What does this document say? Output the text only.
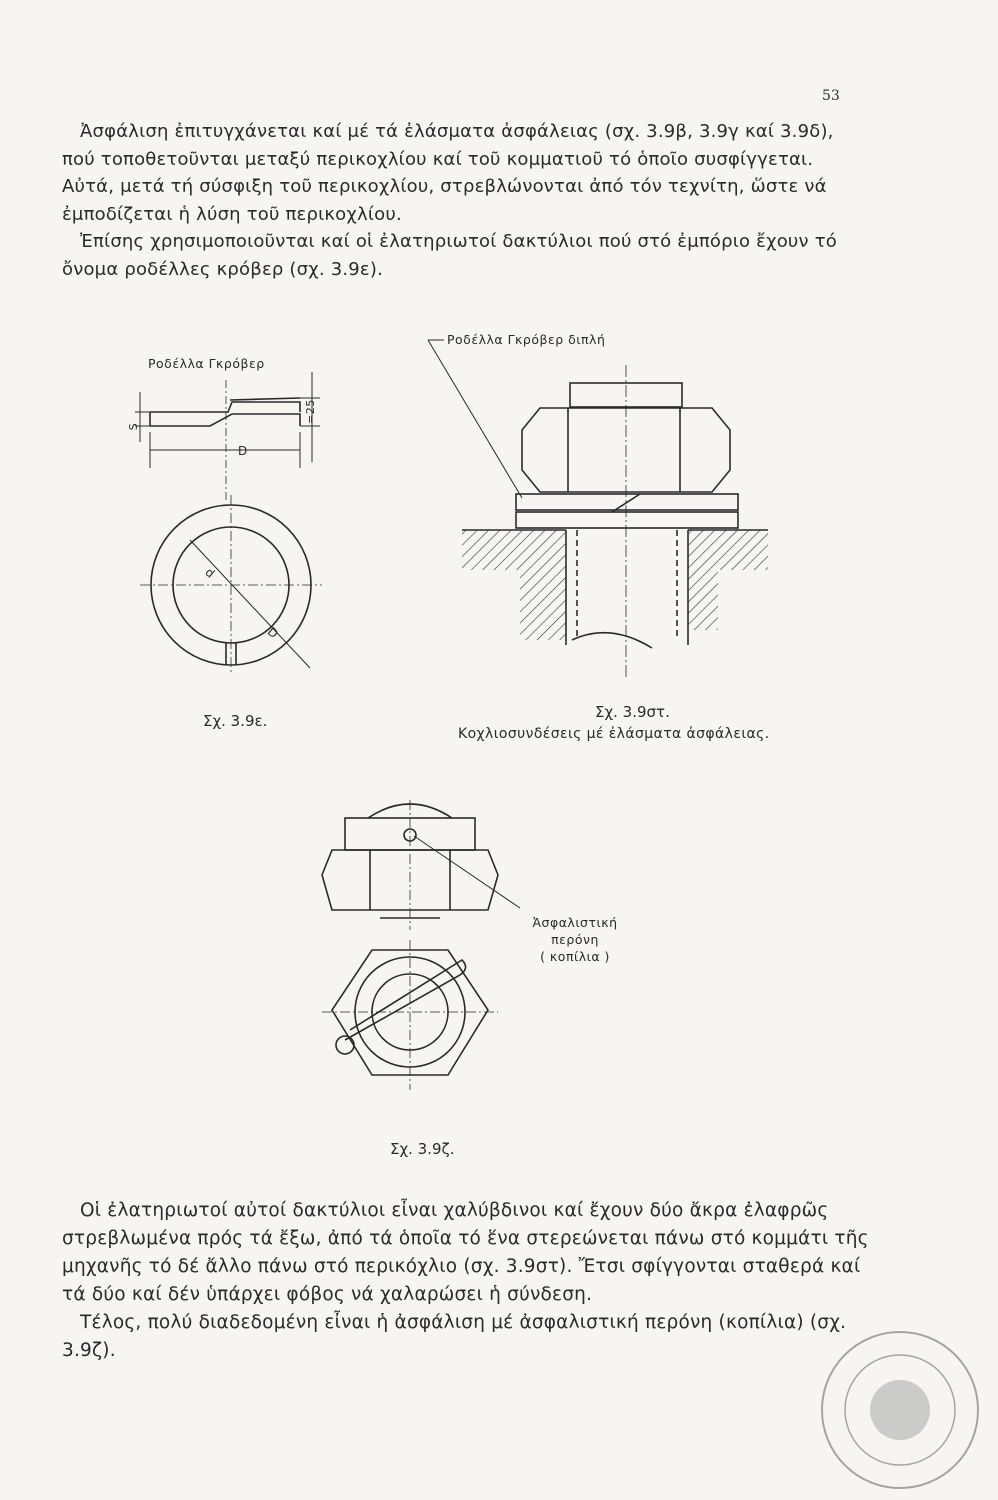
53
Ἀσφάλιση ἐπιτυγχάνεται καί μέ τά ἐλάσματα ἀσφάλειας (σχ. 3.9β, 3.9γ καί 3.9δ), πού τοποθετοῦνται μεταξύ περικοχλίου καί τοῦ κομματιοῦ τό ὁποῖο συσφίγγεται. Αὐτά, μετά τή σύσφιξη τοῦ περικοχλίου, στρεβλώνονται ἀπό τόν τεχνίτη, ὥστε νά ἐμποδίζεται ἡ λύση τοῦ περικοχλίου.
Ἐπίσης χρησιμοποιοῦνται καί οἱ ἐλατηριωτοί δακτύλιοι πού στό ἐμπόριο ἔχουν τό ὄνομα ροδέλλες κρόβερ (σχ. 3.9ε).
Ροδέλλα Γκρόβερ
S
=25
D
d
D
Σχ. 3.9ε.
Ροδέλλα Γκρόβερ διπλή
Σχ. 3.9στ.
Κοχλιοσυνδέσεις μέ ἐλάσματα ἀσφάλειας.
Ἀσφαλιστική
περόνη
( κοπίλια )
Σχ. 3.9ζ.
Οἱ ἐλατηριωτοί αὐτοί δακτύλιοι εἶναι χαλύβδινοι καί ἔχουν δύο ἄκρα ἐλαφρῶς στρεβλωμένα πρός τά ἔξω, ἀπό τά ὁποῖα τό ἕνα στερεώνεται πάνω στό κομμάτι τῆς μηχανῆς τό δέ ἄλλο πάνω στό περικόχλιο (σχ. 3.9στ). Ἔτσι σφίγγονται σταθερά καί τά δύο καί δέν ὑπάρχει φόβος νά χαλαρώσει ἡ σύνδεση.
Τέλος, πολύ διαδεδομένη εἶναι ἡ ἀσφάλιση μέ ἀσφαλιστική περόνη (κοπίλια) (σχ. 3.9ζ).
